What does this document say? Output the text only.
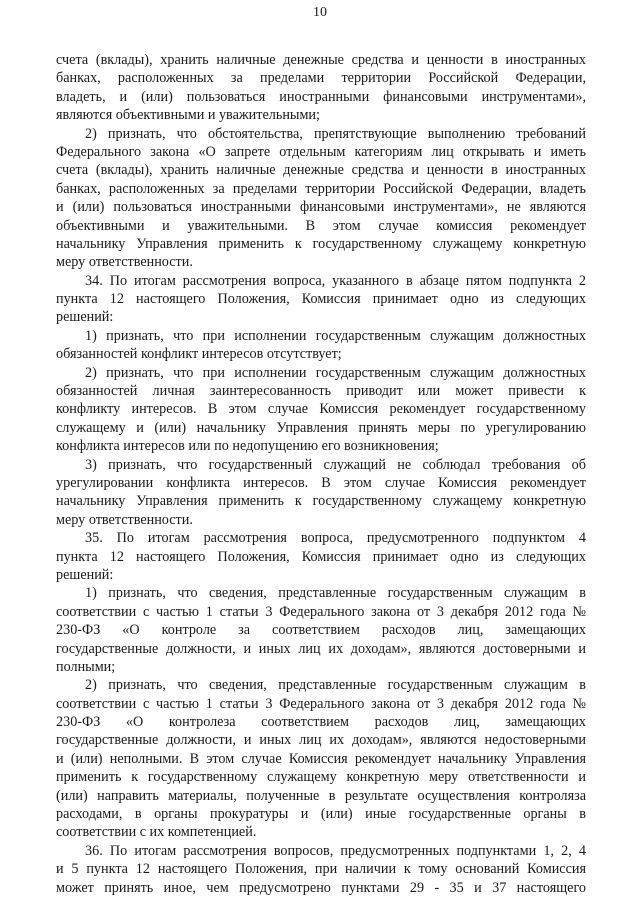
10
счета (вклады), хранить наличные денежные средства и ценности в иностранных
банках, расположенных за пределами территории Российской Федерации,
владеть, и (или) пользоваться иностранными финансовыми инструментами»,
являются объективными и уважительными;
2) признать, что обстоятельства, препятствующие выполнению требований
Федерального закона «О запрете отдельным категориям лиц открывать и иметь
счета (вклады), хранить наличные денежные средства и ценности в иностранных
банках, расположенных за пределами территории Российской Федерации, владеть
и (или) пользоваться иностранными финансовыми инструментами», не являются
объективными и уважительными. В этом случае комиссия рекомендует
начальнику Управления применить к государственному служащему конкретную
меру ответственности.
34. По итогам рассмотрения вопроса, указанного в абзаце пятом подпункта 2
пункта 12 настоящего Положения, Комиссия принимает одно из следующих
решений:
1) признать, что при исполнении государственным служащим должностных
обязанностей конфликт интересов отсутствует;
2) признать, что при исполнении государственным служащим должностных
обязанностей личная заинтересованность приводит или может привести к
конфликту интересов. В этом случае Комиссия рекомендует государственному
служащему и (или) начальнику Управления принять меры по урегулированию
конфликта интересов или по недопущению его возникновения;
3) признать, что государственный служащий не соблюдал требования об
урегулировании конфликта интересов. В этом случае Комиссия рекомендует
начальнику Управления применить к государственному служащему конкретную
меру ответственности.
35. По итогам рассмотрения вопроса, предусмотренного подпунктом 4
пункта 12 настоящего Положения, Комиссия принимает одно из следующих
решений:
1) признать, что сведения, представленные государственным служащим в
соответствии с частью 1 статьи 3 Федерального закона от 3 декабря 2012 года №
230-ФЗ «О контроле за соответствием расходов лиц, замещающих
государственные должности, и иных лиц их доходам», являются достоверными и
полными;
2) признать, что сведения, представленные государственным служащим в
соответствии с частью 1 статьи 3 Федерального закона от 3 декабря 2012 года №
230-ФЗ «О контролеза соответствием расходов лиц, замещающих
государственные должности, и иных лиц их доходам», являются недостоверными
и (или) неполными. В этом случае Комиссия рекомендует начальнику Управления
применить к государственному служащему конкретную меру ответственности и
(или) направить материалы, полученные в результате осуществления контроляза
расходами, в органы прокуратуры и (или) иные государственные органы в
соответствии с их компетенцией.
36. По итогам рассмотрения вопросов, предусмотренных подпунктами 1, 2, 4
и 5 пункта 12 настоящего Положения, при наличии к тому оснований Комиссия
может принять иное, чем предусмотрено пунктами 29 - 35 и 37 настоящего
